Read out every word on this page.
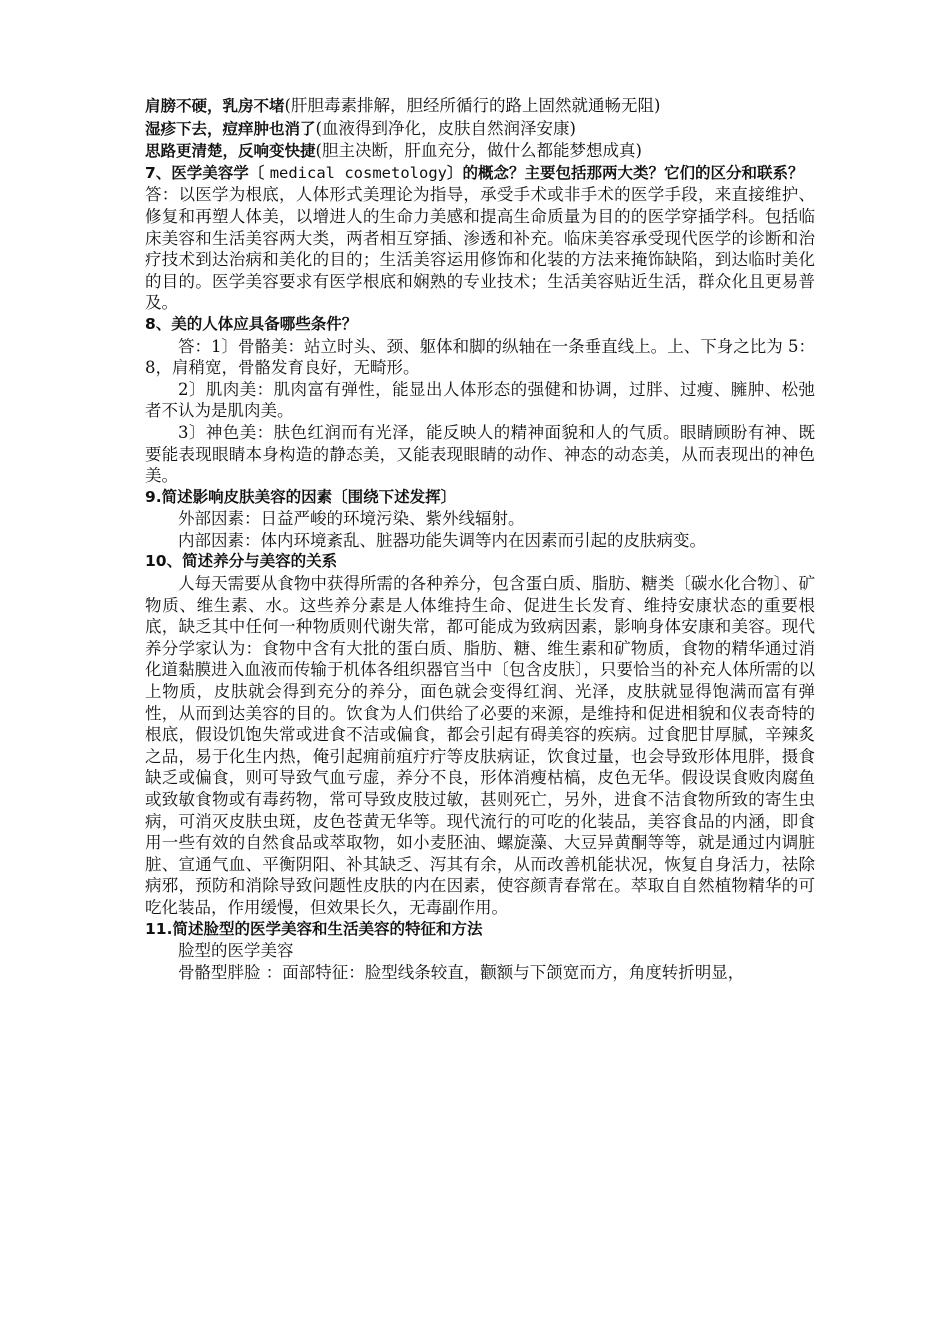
肩膀不硬，乳房不堵(肝胆毒素排解，胆经所循行的路上固然就通畅无阻)

湿疹下去，痘痒肿也消了(血液得到净化，皮肤自然润泽安康)

思路更清楚，反响变快捷(胆主决断，肝血充分，做什么都能梦想成真)

7、医学美容学〔 medical cosmetology〕的概念？主要包括那两大类？它们的区分和联系？

答：以医学为根底，人体形式美理论为指导，承受手术或非手术的医学手段，来直接维护、修复和再塑人体美，以增进人的生命力美感和提高生命质量为目的的医学穿插学科。包括临床美容和生活美容两大类，两者相互穿插、渗透和补充。临床美容承受现代医学的诊断和治疗技术到达治病和美化的目的；生活美容运用修饰和化装的方法来掩饰缺陷，到达临时美化的目的。医学美容要求有医学根底和娴熟的专业技术；生活美容贴近生活，群众化且更易普及。

8、美的人体应具备哪些条件？

答：1〕骨骼美：站立时头、颈、躯体和脚的纵轴在一条垂直线上。上、下身之比为 5：8，肩稍宽，骨骼发育良好，无畸形。

2〕肌肉美：肌肉富有弹性，能显出人体形态的强健和协调，过胖、过瘦、臃肿、松弛者不认为是肌肉美。

3〕神色美：肤色红润而有光泽，能反映人的精神面貌和人的气质。眼睛顾盼有神、既要能表现眼睛本身构造的静态美，又能表现眼睛的动作、神态的动态美，从而表现出的神色美。

9.简述影响皮肤美容的因素〔围绕下述发挥〕

外部因素：日益严峻的环境污染、紫外线辐射。

内部因素：体内环境紊乱、脏器功能失调等内在因素而引起的皮肤病变。

10、简述养分与美容的关系

人每天需要从食物中获得所需的各种养分，包含蛋白质、脂肪、糖类〔碳水化合物〕、矿物质、维生素、水。这些养分素是人体维持生命、促进生长发育、维持安康状态的重要根底，缺乏其中任何一种物质则代谢失常，都可能成为致病因素，影响身体安康和美容。现代养分学家认为：食物中含有大批的蛋白质、脂肪、糖、维生素和矿物质，食物的精华通过消化道黏膜进入血液而传输于机体各组织器官当中〔包含皮肤〕，只要恰当的补充人体所需的以上物质，皮肤就会得到充分的养分，面色就会变得红润、光泽，皮肤就显得饱满而富有弹性，从而到达美容的目的。饮食为人们供给了必要的来源，是维持和促进相貌和仪表奇特的根底，假设饥饱失常或进食不洁或偏食，都会引起有碍美容的疾病。过食肥甘厚腻，辛辣炙之品，易于化生内热，俺引起痈前疽疔疔等皮肤病证，饮食过量，也会导致形体甩胖，摄食缺乏或偏食，则可导致气血亏虚，养分不良，形体消瘦枯槁，皮色无华。假设误食败肉腐鱼或致敏食物或有毒药物，常可导致皮肢过敏，甚则死亡，另外，进食不洁食物所致的寄生虫病，可消灭皮肤虫斑，皮色苍黄无华等。现代流行的可吃的化装品，美容食品的内涵，即食用一些有效的自然食品或萃取物，如小麦胚油、螺旋藻、大豆异黄酮等等，就是通过内调脏脏、宣通气血、平衡阴阳、补其缺乏、泻其有余，从而改善机能状况，恢复自身活力，祛除病邪，预防和消除导致问题性皮肤的内在因素，使容颜青春常在。萃取自自然植物精华的可吃化装品，作用缓慢，但效果长久，无毒副作用。

11.简述脸型的医学美容和生活美容的特征和方法

脸型的医学美容

骨骼型胖脸 ：面部特征：脸型线条较直，颧额与下颌宽而方，角度转折明显，
